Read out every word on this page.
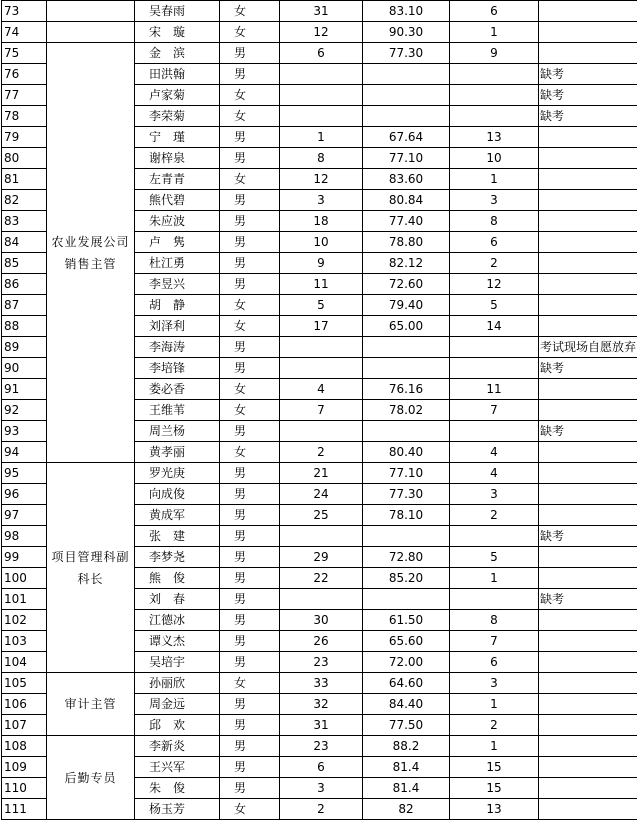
73		吴春雨	女	31	83.10	6	
74		宋　璇	女	12	90.30	1	
75	农业发展公司销售主管	金　滨	男	6	77.30	9	
76		田洪翰	男				缺考
77		卢家菊	女				缺考
78		李荣菊	女				缺考
79		宁　瑾	男	1	67.64	13	
80		谢梓泉	男	8	77.10	10	
81		左青青	女	12	83.60	1	
82		熊代碧	男	3	80.84	3	
83		朱应波	男	18	77.40	8	
84		卢　隽	男	10	78.80	6	
85		杜江勇	男	9	82.12	2	
86		李昱兴	男	11	72.60	12	
87		胡　静	女	5	79.40	5	
88		刘泽利	女	17	65.00	14	
89		李海涛	男				考试现场自愿放弃
90		李培锋	男				缺考
91		娄必香	女	4	76.16	11	
92		王维苇	女	7	78.02	7	
93		周兰杨	男				缺考
94		黄孝丽	女	2	80.40	4	
95	项目管理科副科长	罗光庚	男	21	77.10	4	
96		向成俊	男	24	77.30	3	
97		黄成军	男	25	78.10	2	
98		张　建	男				缺考
99		李梦尧	男	29	72.80	5	
100		熊　俊	男	22	85.20	1	
101		刘　春	男				缺考
102		江德冰	男	30	61.50	8	
103		谭义杰	男	26	65.60	7	
104		吴培宇	男	23	72.00	6	
105	审计主管	孙丽欣	女	33	64.60	3	
106		周金远	男	32	84.40	1	
107		邱　欢	男	31	77.50	2	
108	后勤专员	李新炎	男	23	88.2	1	
109		王兴军	男	6	81.4	15	
110		朱　俊	男	3	81.4	15	
111		杨玉芳	女	2	82	13	
